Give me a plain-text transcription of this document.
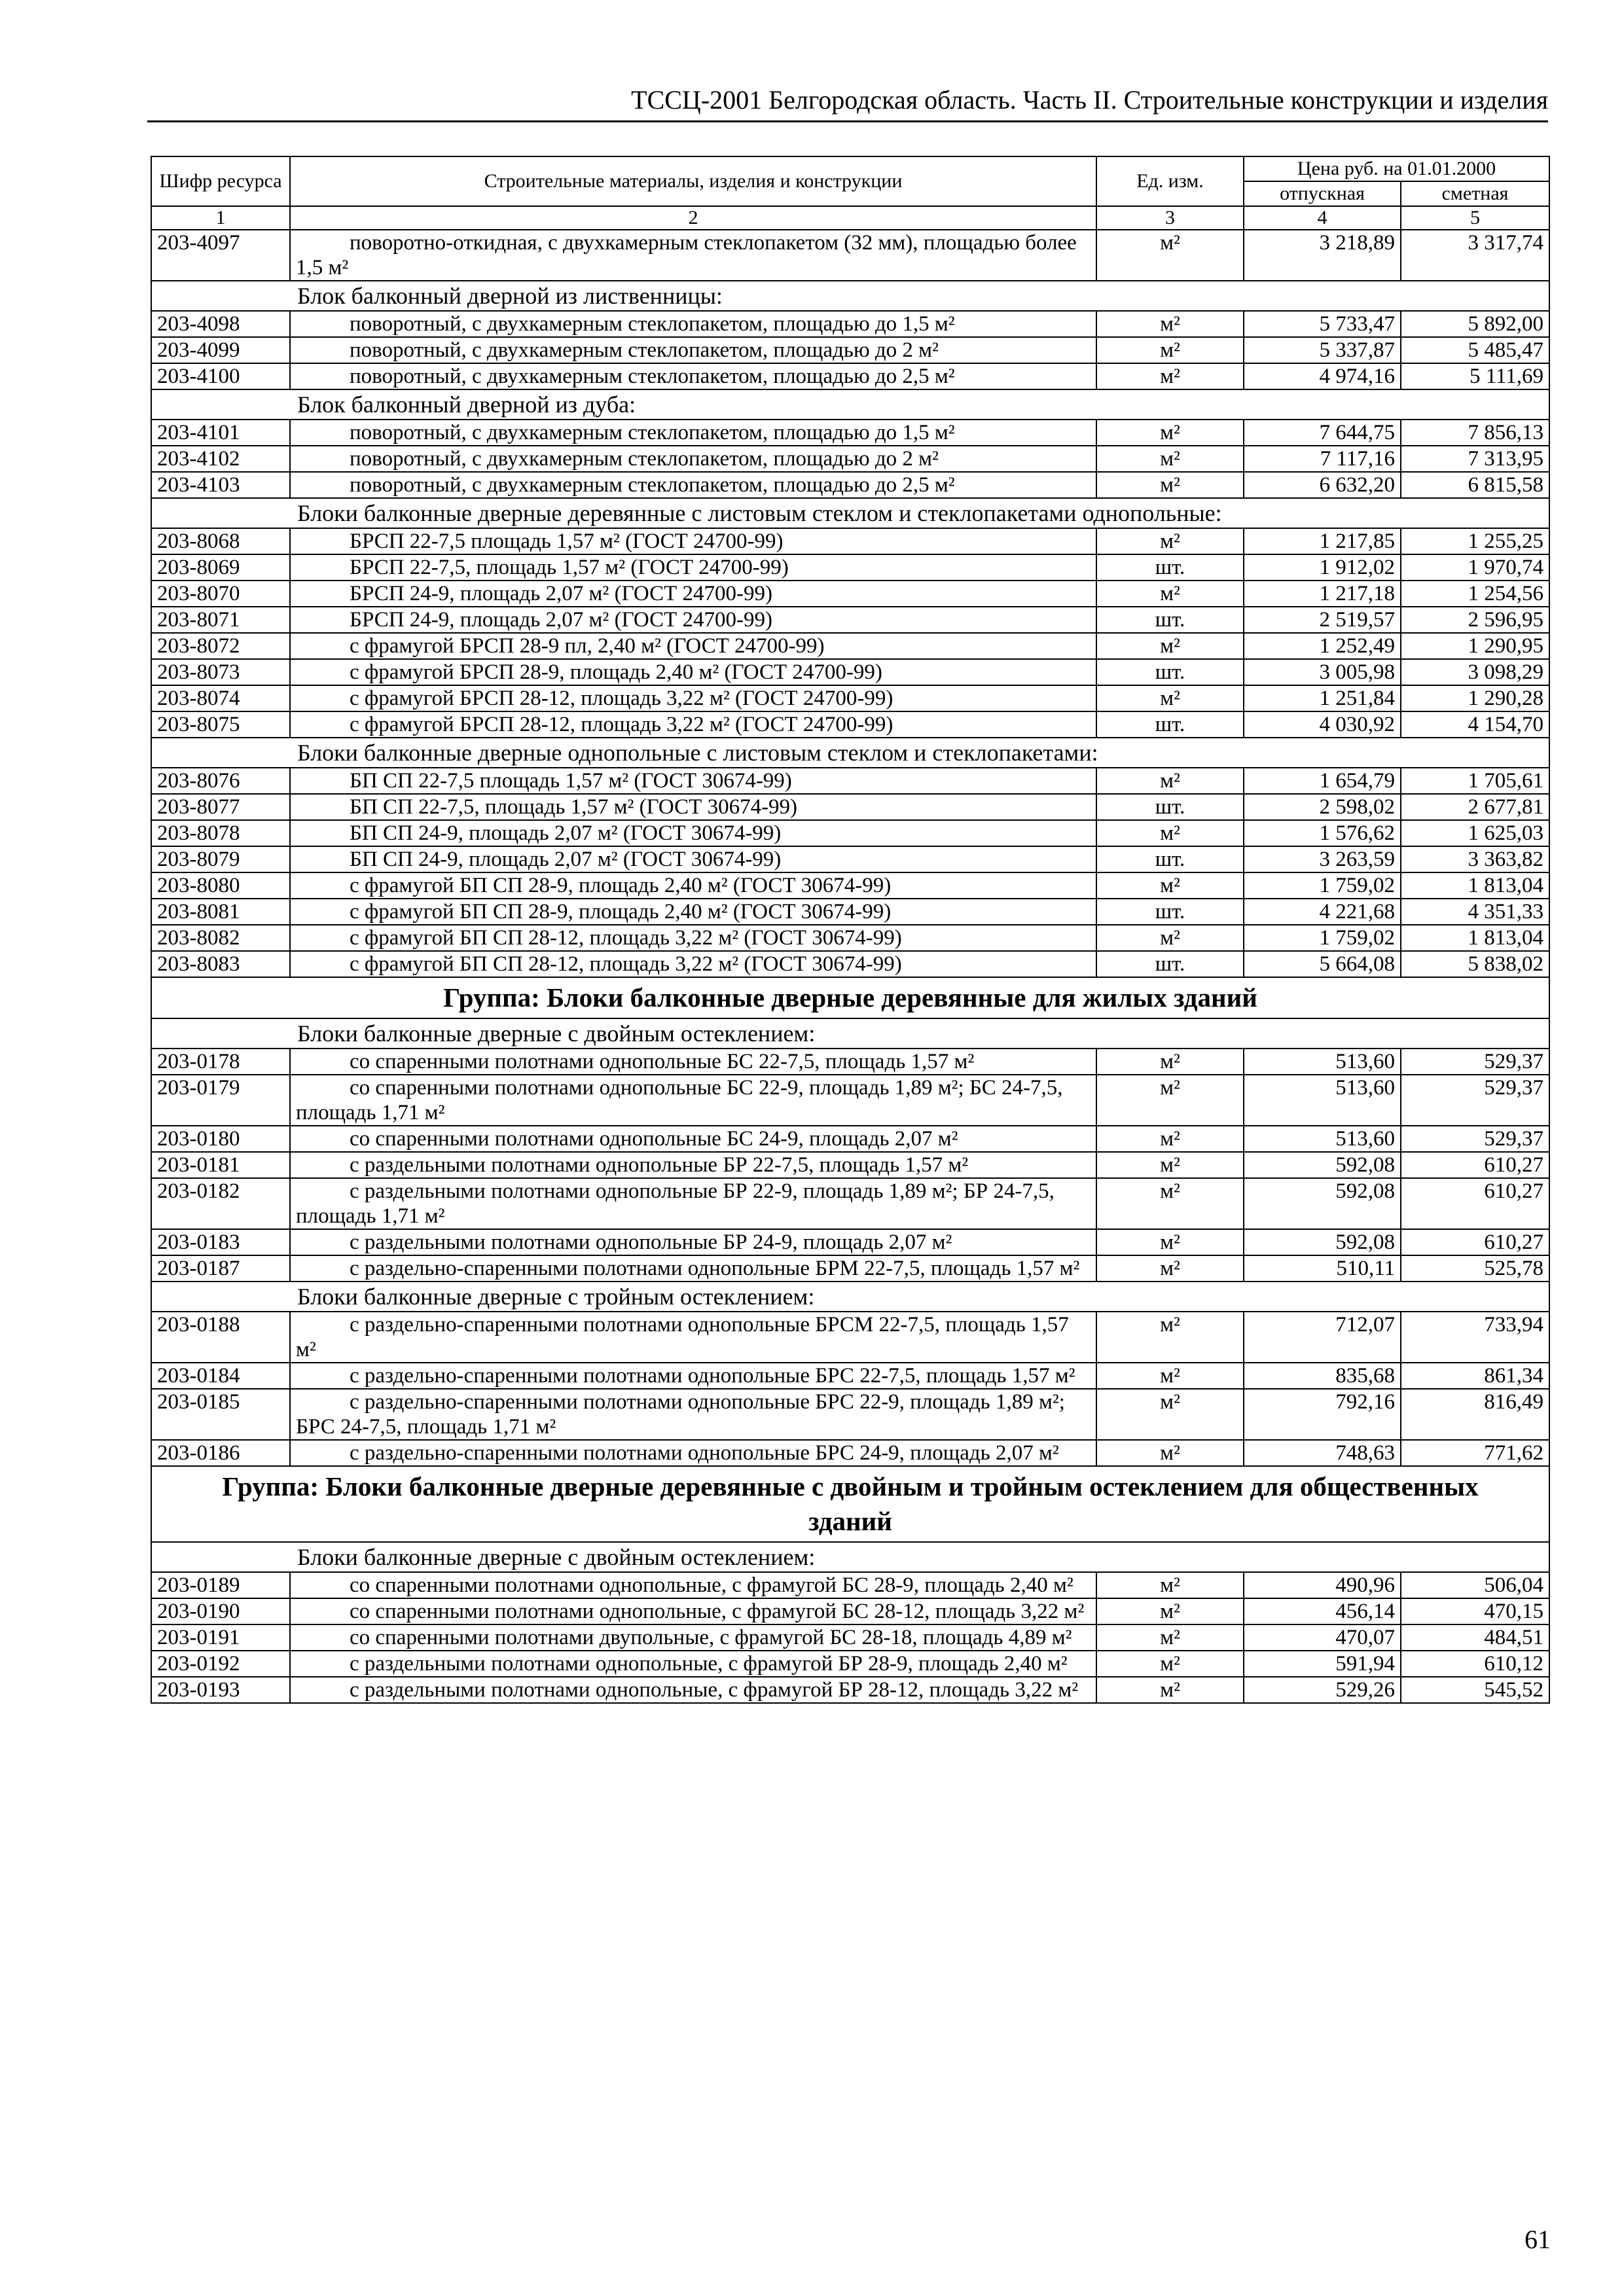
ТССЦ-2001 Белгородская область. Часть II. Строительные конструкции и изделия
Шифр ресурса	Строительные материалы, изделия и конструкции	Ед. изм.	Цена руб. на 01.01.2000	
			отпускная	сметная
1	2	3	4	5
203-4097	поворотно-откидная, с двухкамерным стеклопакетом (32 мм), площадью более 1,5 м²	м²	3 218,89	3 317,74
Блок балконный дверной из лиственницы:				
203-4098	поворотный, с двухкамерным стеклопакетом, площадью до 1,5 м²	м²	5 733,47	5 892,00
203-4099	поворотный, с двухкамерным стеклопакетом, площадью до 2 м²	м²	5 337,87	5 485,47
203-4100	поворотный, с двухкамерным стеклопакетом, площадью до 2,5 м²	м²	4 974,16	5 111,69
Блок балконный дверной из дуба:				
203-4101	поворотный, с двухкамерным стеклопакетом, площадью до 1,5 м²	м²	7 644,75	7 856,13
203-4102	поворотный, с двухкамерным стеклопакетом, площадью до 2 м²	м²	7 117,16	7 313,95
203-4103	поворотный, с двухкамерным стеклопакетом, площадью до 2,5 м²	м²	6 632,20	6 815,58
Блоки балконные дверные деревянные с листовым стеклом и стеклопакетами однопольные:				
203-8068	БРСП 22-7,5 площадь 1,57 м² (ГОСТ 24700-99)	м²	1 217,85	1 255,25
203-8069	БРСП 22-7,5, площадь 1,57 м² (ГОСТ 24700-99)	шт.	1 912,02	1 970,74
203-8070	БРСП 24-9, площадь 2,07 м² (ГОСТ 24700-99)	м²	1 217,18	1 254,56
203-8071	БРСП 24-9, площадь 2,07 м² (ГОСТ 24700-99)	шт.	2 519,57	2 596,95
203-8072	с фрамугой БРСП 28-9 пл, 2,40 м² (ГОСТ 24700-99)	м²	1 252,49	1 290,95
203-8073	с фрамугой БРСП 28-9, площадь 2,40 м² (ГОСТ 24700-99)	шт.	3 005,98	3 098,29
203-8074	с фрамугой БРСП 28-12, площадь 3,22 м² (ГОСТ 24700-99)	м²	1 251,84	1 290,28
203-8075	с фрамугой БРСП 28-12, площадь 3,22 м² (ГОСТ 24700-99)	шт.	4 030,92	4 154,70
Блоки балконные дверные однопольные с листовым стеклом и стеклопакетами:				
203-8076	БП СП 22-7,5 площадь 1,57 м² (ГОСТ 30674-99)	м²	1 654,79	1 705,61
203-8077	БП СП 22-7,5, площадь 1,57 м² (ГОСТ 30674-99)	шт.	2 598,02	2 677,81
203-8078	БП СП 24-9, площадь 2,07 м² (ГОСТ 30674-99)	м²	1 576,62	1 625,03
203-8079	БП СП 24-9, площадь 2,07 м² (ГОСТ 30674-99)	шт.	3 263,59	3 363,82
203-8080	с фрамугой БП СП 28-9, площадь 2,40 м² (ГОСТ 30674-99)	м²	1 759,02	1 813,04
203-8081	с фрамугой БП СП 28-9, площадь 2,40 м² (ГОСТ 30674-99)	шт.	4 221,68	4 351,33
203-8082	с фрамугой БП СП 28-12, площадь 3,22 м² (ГОСТ 30674-99)	м²	1 759,02	1 813,04
203-8083	с фрамугой БП СП 28-12, площадь 3,22 м² (ГОСТ 30674-99)	шт.	5 664,08	5 838,02
Группа: Блоки балконные дверные деревянные для жилых зданий				
Блоки балконные дверные с двойным остеклением:				
203-0178	со спаренными полотнами однопольные БС 22-7,5, площадь 1,57 м²	м²	513,60	529,37
203-0179	со спаренными полотнами однопольные БС 22-9, площадь 1,89 м²; БС 24-7,5, площадь 1,71 м²	м²	513,60	529,37
203-0180	со спаренными полотнами однопольные БС 24-9, площадь 2,07 м²	м²	513,60	529,37
203-0181	с раздельными полотнами однопольные БР 22-7,5, площадь 1,57 м²	м²	592,08	610,27
203-0182	с раздельными полотнами однопольные БР 22-9, площадь 1,89 м²; БР 24-7,5, площадь 1,71 м²	м²	592,08	610,27
203-0183	с раздельными полотнами однопольные БР 24-9, площадь 2,07 м²	м²	592,08	610,27
203-0187	с раздельно-спаренными полотнами однопольные БРМ 22-7,5, площадь 1,57 м²	м²	510,11	525,78
Блоки балконные дверные с тройным остеклением:				
203-0188	с раздельно-спаренными полотнами однопольные БРСМ 22-7,5, площадь 1,57 м²	м²	712,07	733,94
203-0184	с раздельно-спаренными полотнами однопольные БРС 22-7,5, площадь 1,57 м²	м²	835,68	861,34
203-0185	с раздельно-спаренными полотнами однопольные БРС 22-9, площадь 1,89 м²; БРС 24-7,5, площадь 1,71 м²	м²	792,16	816,49
203-0186	с раздельно-спаренными полотнами однопольные БРС 24-9, площадь 2,07 м²	м²	748,63	771,62
Группа: Блоки балконные дверные деревянные с двойным и тройным остеклением для общественных зданий				
Блоки балконные дверные с двойным остеклением:				
203-0189	со спаренными полотнами однопольные, с фрамугой БС 28-9, площадь 2,40 м²	м²	490,96	506,04
203-0190	со спаренными полотнами однопольные, с фрамугой БС 28-12, площадь 3,22 м²	м²	456,14	470,15
203-0191	со спаренными полотнами двупольные, с фрамугой БС 28-18, площадь 4,89 м²	м²	470,07	484,51
203-0192	с раздельными полотнами однопольные, с фрамугой БР 28-9, площадь 2,40 м²	м²	591,94	610,12
203-0193	с раздельными полотнами однопольные, с фрамугой БР 28-12, площадь 3,22 м²	м²	529,26	545,52
61
